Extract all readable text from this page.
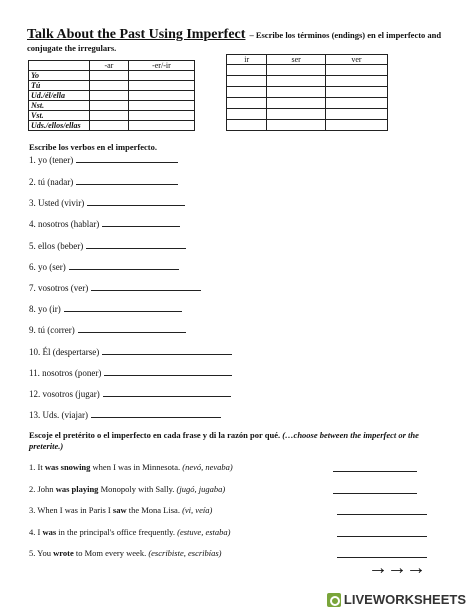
Talk About the Past Using Imperfect – Escribe los términos (endings) en el imperfecto and
conjugate the irregulars.
	-ar	-er/-ir
Yo		
Tú		
Ud./él/ella		
Nst.		
Vst.		
Uds./ellos/ellas		
ir	ser	ver

Escribe los verbos en el imperfecto.
1. yo (tener)
2. tú (nadar)
3. Usted (vivir)
4. nosotros (hablar)
5. ellos (beber)
6. yo (ser)
7. vosotros (ver)
8. yo (ir)
9. tú (correr)
10. Él (despertarse)
11. nosotros (poner)
12. vosotros (jugar)
13. Uds. (viajar)
Escoje el pretérito o el imperfecto en cada frase y di la razón por qué. (…choose between the imperfect or the preterite.)
1. It was snowing when I was in Minnesota. (nevó, nevaba)
2. John was playing Monopoly with Sally. (jugó, jugaba)
3. When I was in Paris I saw the Mona Lisa. (vi, veía)
4. I was in the principal's office frequently. (estuve, estaba)
5. You wrote to Mom every week. (escribiste, escribías)
→→→
LIVEWORKSHEETS
